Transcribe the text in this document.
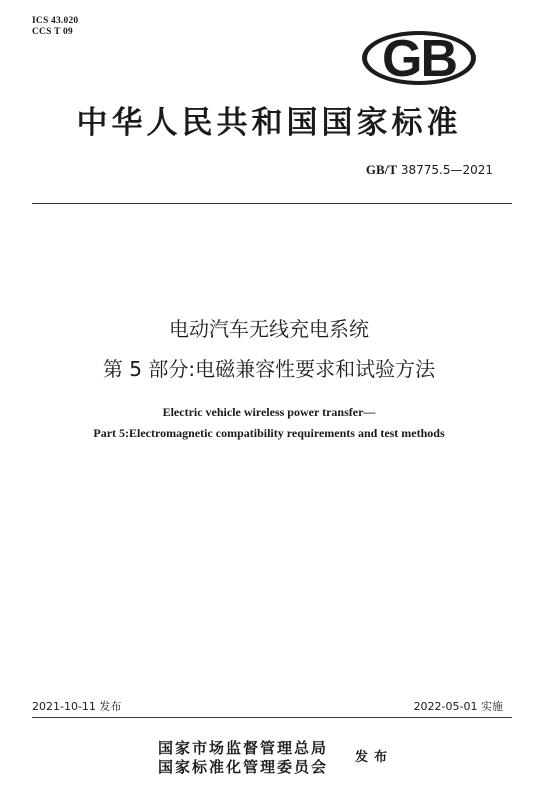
ICS 43.020
CCS T 09	GB
中华人民共和国国家标准
GB/T 38775.5—2021
电动汽车无线充电系统
第 5 部分:电磁兼容性要求和试验方法
Electric vehicle wireless power transfer—
Part 5:Electromagnetic compatibility requirements and test methods
2021-10-11 发布	2022-05-01 实施
国家市场监督管理总局
国家标准化管理委员会
发布
